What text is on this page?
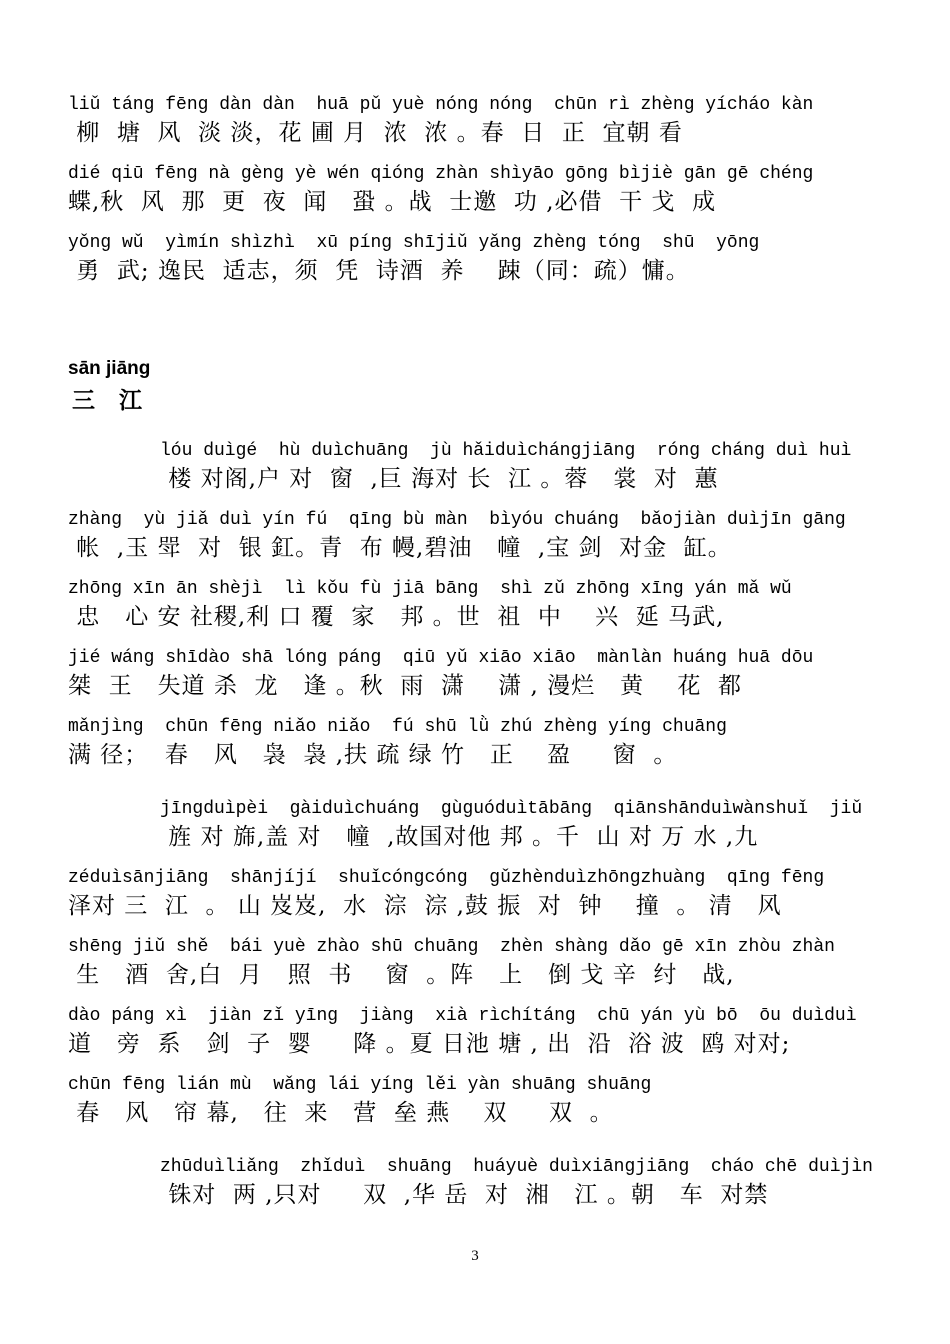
liǔ táng fēng dàn dàn  huā pǔ yuè nóng nóng  chūn rì zhèng yícháo kàn
柳  塘  风  淡 淡，花 圃 月  浓  浓 。春  日  正  宜朝 看
dié qiū fēng nà gèng yè wén qióng zhàn shìyāo gōng bìjiè gān gē chéng
蝶,秋  风  那  更  夜  闻   蛩 。战  士邀  功 ,必借  干 戈  成
yǒng wǔ  yìmín shìzhì  xū píng shījiǔ yǎng zhèng tóng  shū  yōng
勇  武; 逸民  适志，须  凭  诗酒  养    踈（同：疏）慵。
sān jiāng
三   江
lóu duìgé  hù duìchuāng  jù hǎiduìchángjiāng  róng cháng duì huì
楼 对阁,户 对  窗  ,巨 海对 长  江 。蓉   裳  对  蕙
zhàng  yù jiǎ duì yín fú  qīng bù màn  bìyóu chuáng  bǎojiàn duìjīn gāng
帐  ,玉 斝  对  银 釭。青  布 幔,碧油   幢  ,宝 剑  对金  缸。
zhōng xīn ān shèjì  lì kǒu fù jiā bāng  shì zǔ zhōng xīng yán mǎ wǔ
忠   心 安 社稷,利 口 覆  家   邦 。世  祖  中    兴  延 马武,
jié wáng shīdào shā lóng páng  qiū yǔ xiāo xiāo  mànlàn huáng huā dōu
桀  王   失道 杀  龙   逢 。秋  雨  潇    潇 , 漫烂   黄    花  都
mǎnjìng  chūn fēng niǎo niǎo  fú shū lǜ zhú zhèng yíng chuāng
满 径；  春   风   袅  袅 ,扶 疏 绿 竹   正    盈     窗  。
jīngduìpèi  gàiduìchuáng  gùguóduìtābāng  qiānshānduìwànshuǐ  jiǔ
旌 对 旆,盖 对   幢  ,故国对他 邦 。千  山 对 万 水 ,九
zéduìsānjiāng  shānjíjí  shuǐcóngcóng  gǔzhènduìzhōngzhuàng  qīng fēng
泽对 三  江  。 山 岌岌,  水  淙  淙 ,鼓 振  对  钟    撞  。 清   风
shēng jiǔ shě  bái yuè zhào shū chuāng  zhèn shàng dǎo gē xīn zhòu zhàn
生   酒  舍,白  月   照  书    窗  。阵   上   倒 戈 辛  纣   战,
dào páng xì  jiàn zǐ yīng  jiàng  xià rìchítáng  chū yán yù bō  ōu duìduì
道   旁  系   剑  子  婴     降 。夏 日池 塘 , 出  沿  浴 波  鸥 对对;
chūn fēng lián mù  wǎng lái yíng lěi yàn shuāng shuāng
春   风   帘 幕,   往  来   营  垒 燕    双     双  。
zhūduìliǎng  zhǐduì  shuāng  huáyuè duìxiāngjiāng  cháo chē duìjìn
铢对  两 ,只对     双  ,华 岳  对  湘   江 。朝   车  对禁
3
